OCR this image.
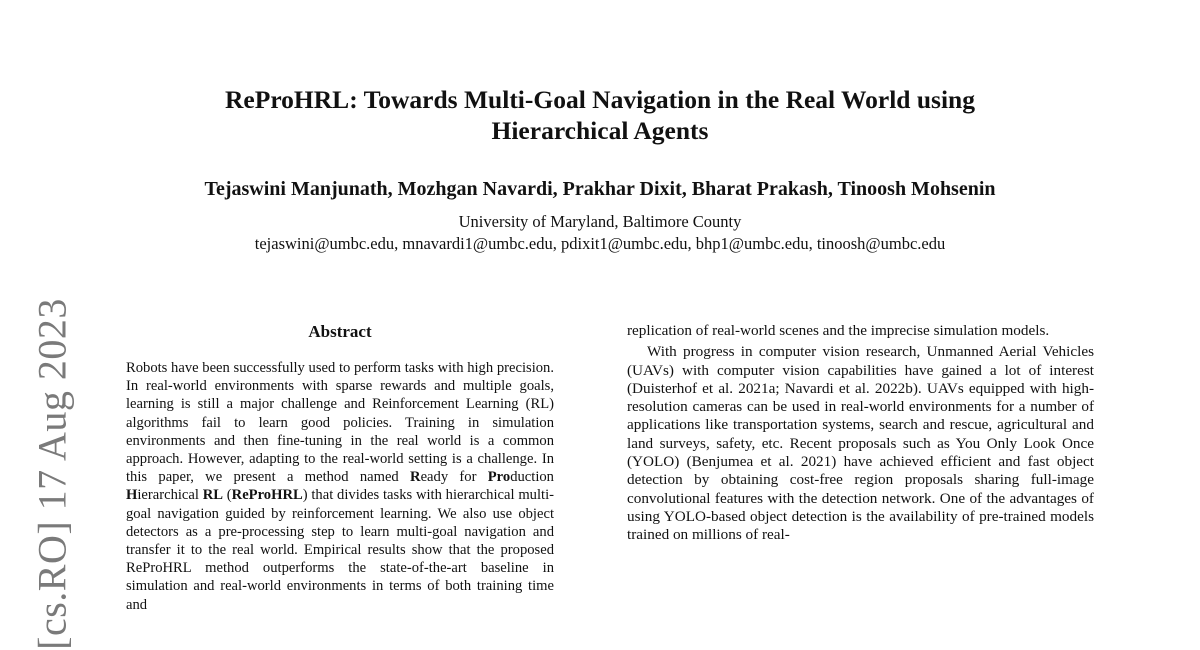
ReProHRL: Towards Multi-Goal Navigation in the Real World using
Hierarchical Agents
Tejaswini Manjunath, Mozhgan Navardi, Prakhar Dixit, Bharat Prakash, Tinoosh Mohsenin
University of Maryland, Baltimore County
tejaswini@umbc.edu, mnavardi1@umbc.edu, pdixit1@umbc.edu, bhp1@umbc.edu, tinoosh@umbc.edu
[cs.RO] 17 Aug 2023	Abstract

Robots have been successfully used to perform tasks with high precision. In real-world environments with sparse rewards and multiple goals, learning is still a major challenge and Reinforcement Learning (RL) algorithms fail to learn good policies. Training in simulation environments and then fine-tuning in the real world is a common approach. However, adapting to the real-world setting is a challenge. In this paper, we present a method named Ready for Production Hierarchical RL (ReProHRL) that divides tasks with hierarchical multi-goal navigation guided by reinforcement learning. We also use object detectors as a pre-processing step to learn multi-goal navigation and transfer it to the real world. Empirical results show that the proposed ReProHRL method outperforms the state-of-the-art baseline in simulation and real-world environments in terms of both training time and

replication of real-world scenes and the imprecise simulation models.

With progress in computer vision research, Unmanned Aerial Vehicles (UAVs) with computer vision capabilities have gained a lot of interest (Duisterhof et al. 2021a; Navardi et al. 2022b). UAVs equipped with high-resolution cameras can be used in real-world environments for a number of applications like transportation systems, search and rescue, agricultural and land surveys, safety, etc. Recent proposals such as You Only Look Once (YOLO) (Benjumea et al. 2021) have achieved efficient and fast object detection by obtaining cost-free region proposals sharing full-image convolutional features with the detection network. One of the advantages of using YOLO-based object detection is the availability of pre-trained models trained on millions of real-
